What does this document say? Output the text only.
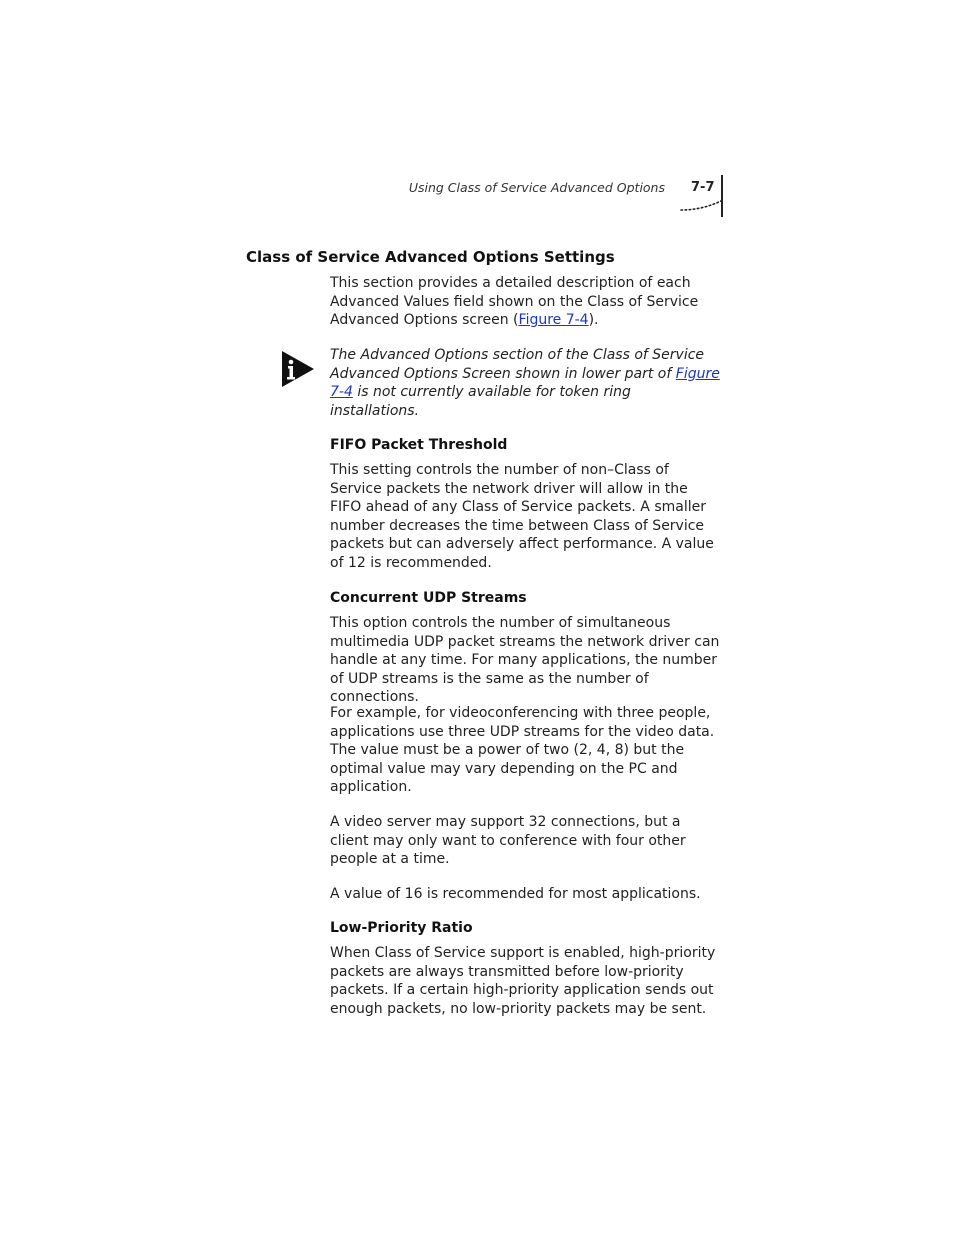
Using Class of Service Advanced Options 7-7
Class of Service Advanced Options Settings

This section provides a detailed description of each Advanced Values field shown on the Class of Service Advanced Options screen (Figure 7-4).

The Advanced Options section of the Class of Service Advanced Options Screen shown in lower part of Figure 7-4 is not currently available for token ring installations.

FIFO Packet Threshold

This setting controls the number of non–Class of Service packets the network driver will allow in the FIFO ahead of any Class of Service packets. A smaller number decreases the time between Class of Service packets but can adversely affect performance. A value of 12 is recommended.

Concurrent UDP Streams

This option controls the number of simultaneous multimedia UDP packet streams the network driver can handle at any time. For many applications, the number of UDP streams is the same as the number of connections.

For example, for videoconferencing with three people, applications use three UDP streams for the video data. The value must be a power of two (2, 4, 8) but the optimal value may vary depending on the PC and application.

A video server may support 32 connections, but a client may only want to conference with four other people at a time.

A value of 16 is recommended for most applications.

Low-Priority Ratio

When Class of Service support is enabled, high-priority packets are always transmitted before low-priority packets. If a certain high-priority application sends out enough packets, no low-priority packets may be sent.
